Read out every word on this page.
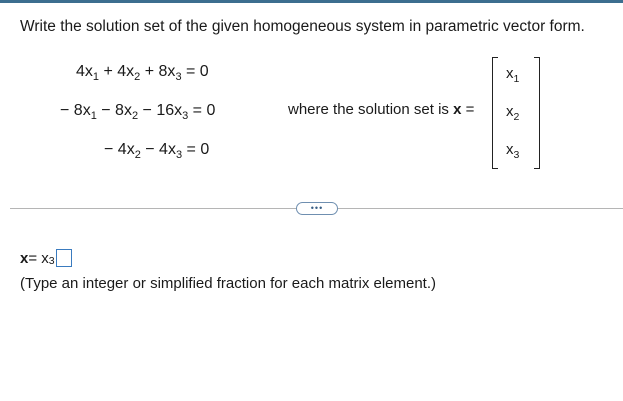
Write the solution set of the given homogeneous system in parametric vector form.
$4x_1 + 4x_2 + 8x_3 = 0$
− $8x_1 - 8x_2 - 16x_3 = 0$
− $4x_2 - 4x_3 = 0$
where the solution set is x =
$x_1$
$x_2$
$x_3$
•••
x = x 3
(Type an integer or simplified fraction for each matrix element.)
